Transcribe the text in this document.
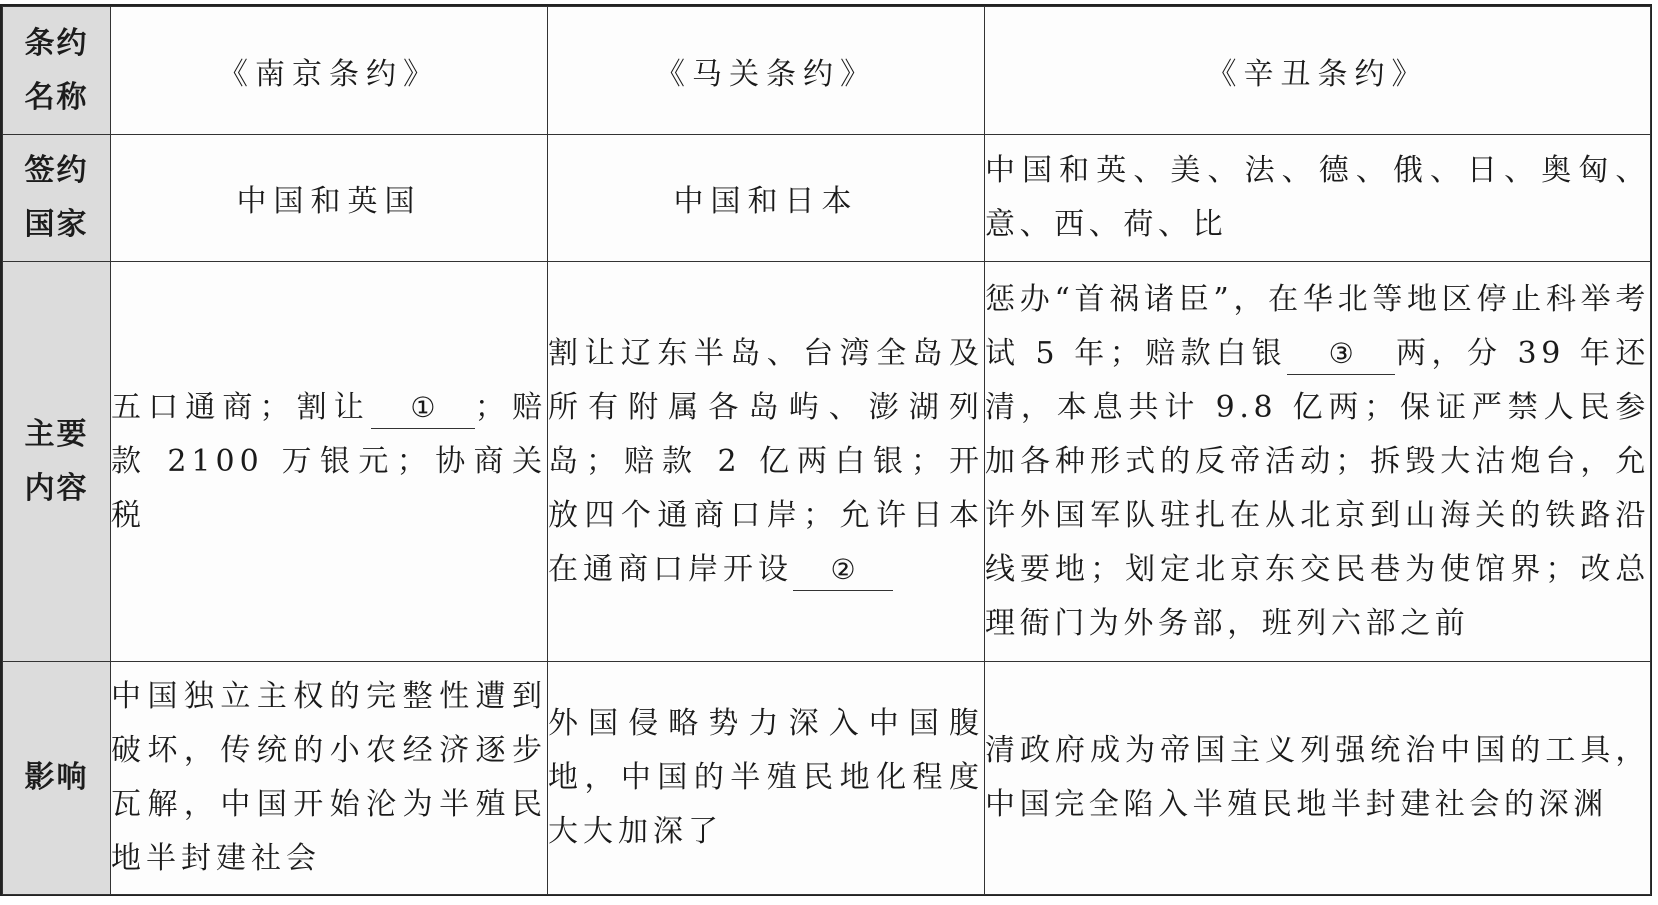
条约
名称	《南京条约》	《马关条约》	《辛丑条约》

签约
国家	中国和英国	中国和日本	中国和英、美、法、德、俄、日、奥匈、意、西、荷、比

主要
内容	五口通商；割让 ① ；赔款 2100 万银元；协商关税	割让辽东半岛、台湾全岛及所有附属各岛屿、澎湖列岛；赔款 2 亿两白银；开放四个通商口岸；允许日本在通商口岸开设 ②	惩办“首祸诸臣”，在华北等地区停止科举考试 5 年；赔款白银 ③ 两，分 39 年还清，本息共计 9.8 亿两；保证严禁人民参加各种形式的反帝活动；拆毁大沽炮台，允许外国军队驻扎在从北京到山海关的铁路沿线要地；划定北京东交民巷为使馆界；改总理衙门为外务部，班列六部之前

影响	中国独立主权的完整性遭到破坏，传统的小农经济逐步瓦解，中国开始沦为半殖民地半封建社会	外国侵略势力深入中国腹地，中国的半殖民地化程度大大加深了	清政府成为帝国主义列强统治中国的工具，中国完全陷入半殖民地半封建社会的深渊
